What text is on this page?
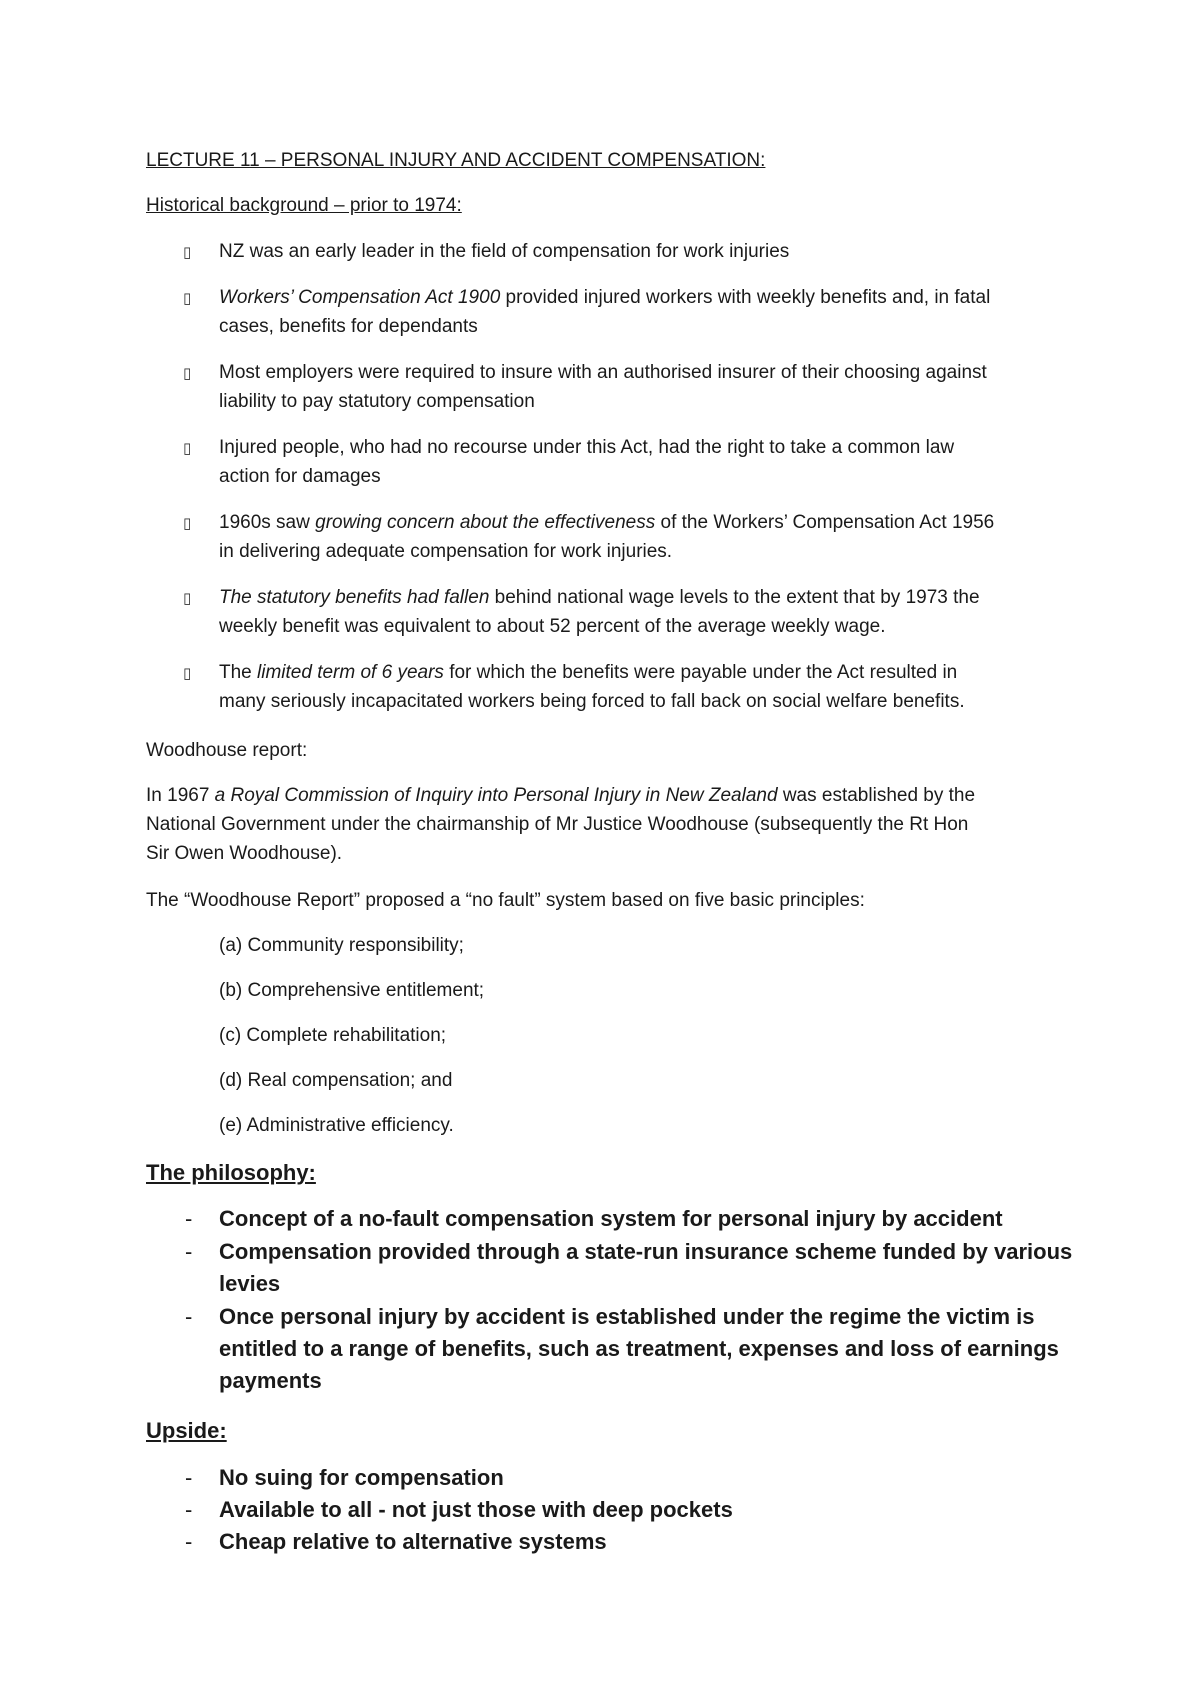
LECTURE 11 – PERSONAL INJURY AND ACCIDENT COMPENSATION:
Historical background – prior to 1974:
▯ NZ was an early leader in the field of compensation for work injuries
▯ Workers’ Compensation Act 1900 provided injured workers with weekly benefits and, in fatal
cases, benefits for dependants
▯ Most employers were required to insure with an authorised insurer of their choosing against
liability to pay statutory compensation
▯ Injured people, who had no recourse under this Act, had the right to take a common law
action for damages
▯ 1960s saw growing concern about the effectiveness of the Workers’ Compensation Act 1956
in delivering adequate compensation for work injuries.
▯ The statutory benefits had fallen behind national wage levels to the extent that by 1973 the
weekly benefit was equivalent to about 52 percent of the average weekly wage.
▯ The limited term of 6 years for which the benefits were payable under the Act resulted in
many seriously incapacitated workers being forced to fall back on social welfare benefits.
Woodhouse report:
In 1967 a Royal Commission of Inquiry into Personal Injury in New Zealand was established by the
National Government under the chairmanship of Mr Justice Woodhouse (subsequently the Rt Hon
Sir Owen Woodhouse).
The “Woodhouse Report” proposed a “no fault” system based on five basic principles:
(a) Community responsibility;
(b) Comprehensive entitlement;
(c) Complete rehabilitation;
(d) Real compensation; and
(e) Administrative efficiency.
The philosophy:
- Concept of a no-fault compensation system for personal injury by accident
- Compensation provided through a state-run insurance scheme funded by various
levies
- Once personal injury by accident is established under the regime the victim is
entitled to a range of benefits, such as treatment, expenses and loss of earnings
payments
Upside:
- No suing for compensation
- Available to all - not just those with deep pockets
- Cheap relative to alternative systems
